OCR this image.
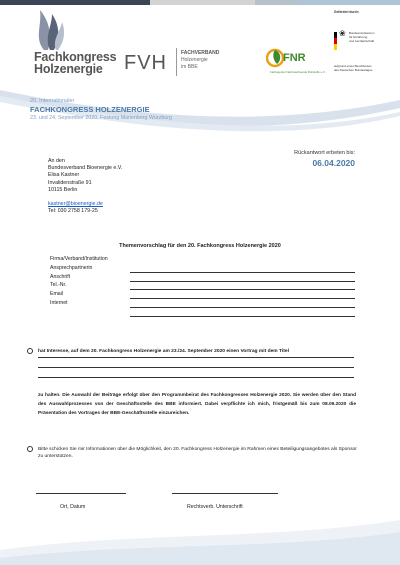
Fachkongress
Holzenergie FVH	FACHVERBAND
Holzenergie
im BBE
FNR
Fachagentur Nachwachsende Rohstoffe e.V.
Gefördert durch:
❀ Bundesministerium
für Ernährung
und Landwirtschaft
aufgrund eines Beschlusses
des Deutschen Bundestages
20. Internationaler
FACHKONGRESS HOLZENERGIE
23. und 24. September 2020, Festung Marienberg Würzburg
Rückantwort erbeten bis:
06.04.2020
An den
Bundesverband Bioenergie e.V.
Elisa Kastner
Invalidenstraße 91
10115 Berlin
kastner@bioenergie.de
Tel: 030 2758 179-25
Themenvorschlag für den 20. Fachkongress Holzenergie 2020
Firma/Verband/Institution
Ansprechpartnerin
Anschrift
Tel.-Nr.
Email
Internet
hat Interesse, auf dem 20. Fachkongress Holzenergie am 23./24. September 2020 einen Vortrag mit dem Titel
zu halten. Die Auswahl der Beiträge erfolgt über den Programmbeirat des Fachkongresses Holzenergie 2020. Sie werden über den Stand des Auswahlprozesses von der Geschäftsstelle des BBE informiert. Dabei verpflichte ich mich, fristgemäß bis zum 08.09.2020 die Präsentation des Vortrages der BBE-Geschäftsstelle einzureichen.
Bitte schicken Sie mir Informationen über die Möglichkeit, den 20. Fachkongress Holzenergie im Rahmen eines Beteiligungsangebotes als Sponsor zu unterstützen.
Ort, Datum	Rechtsverb. Unterschrift
